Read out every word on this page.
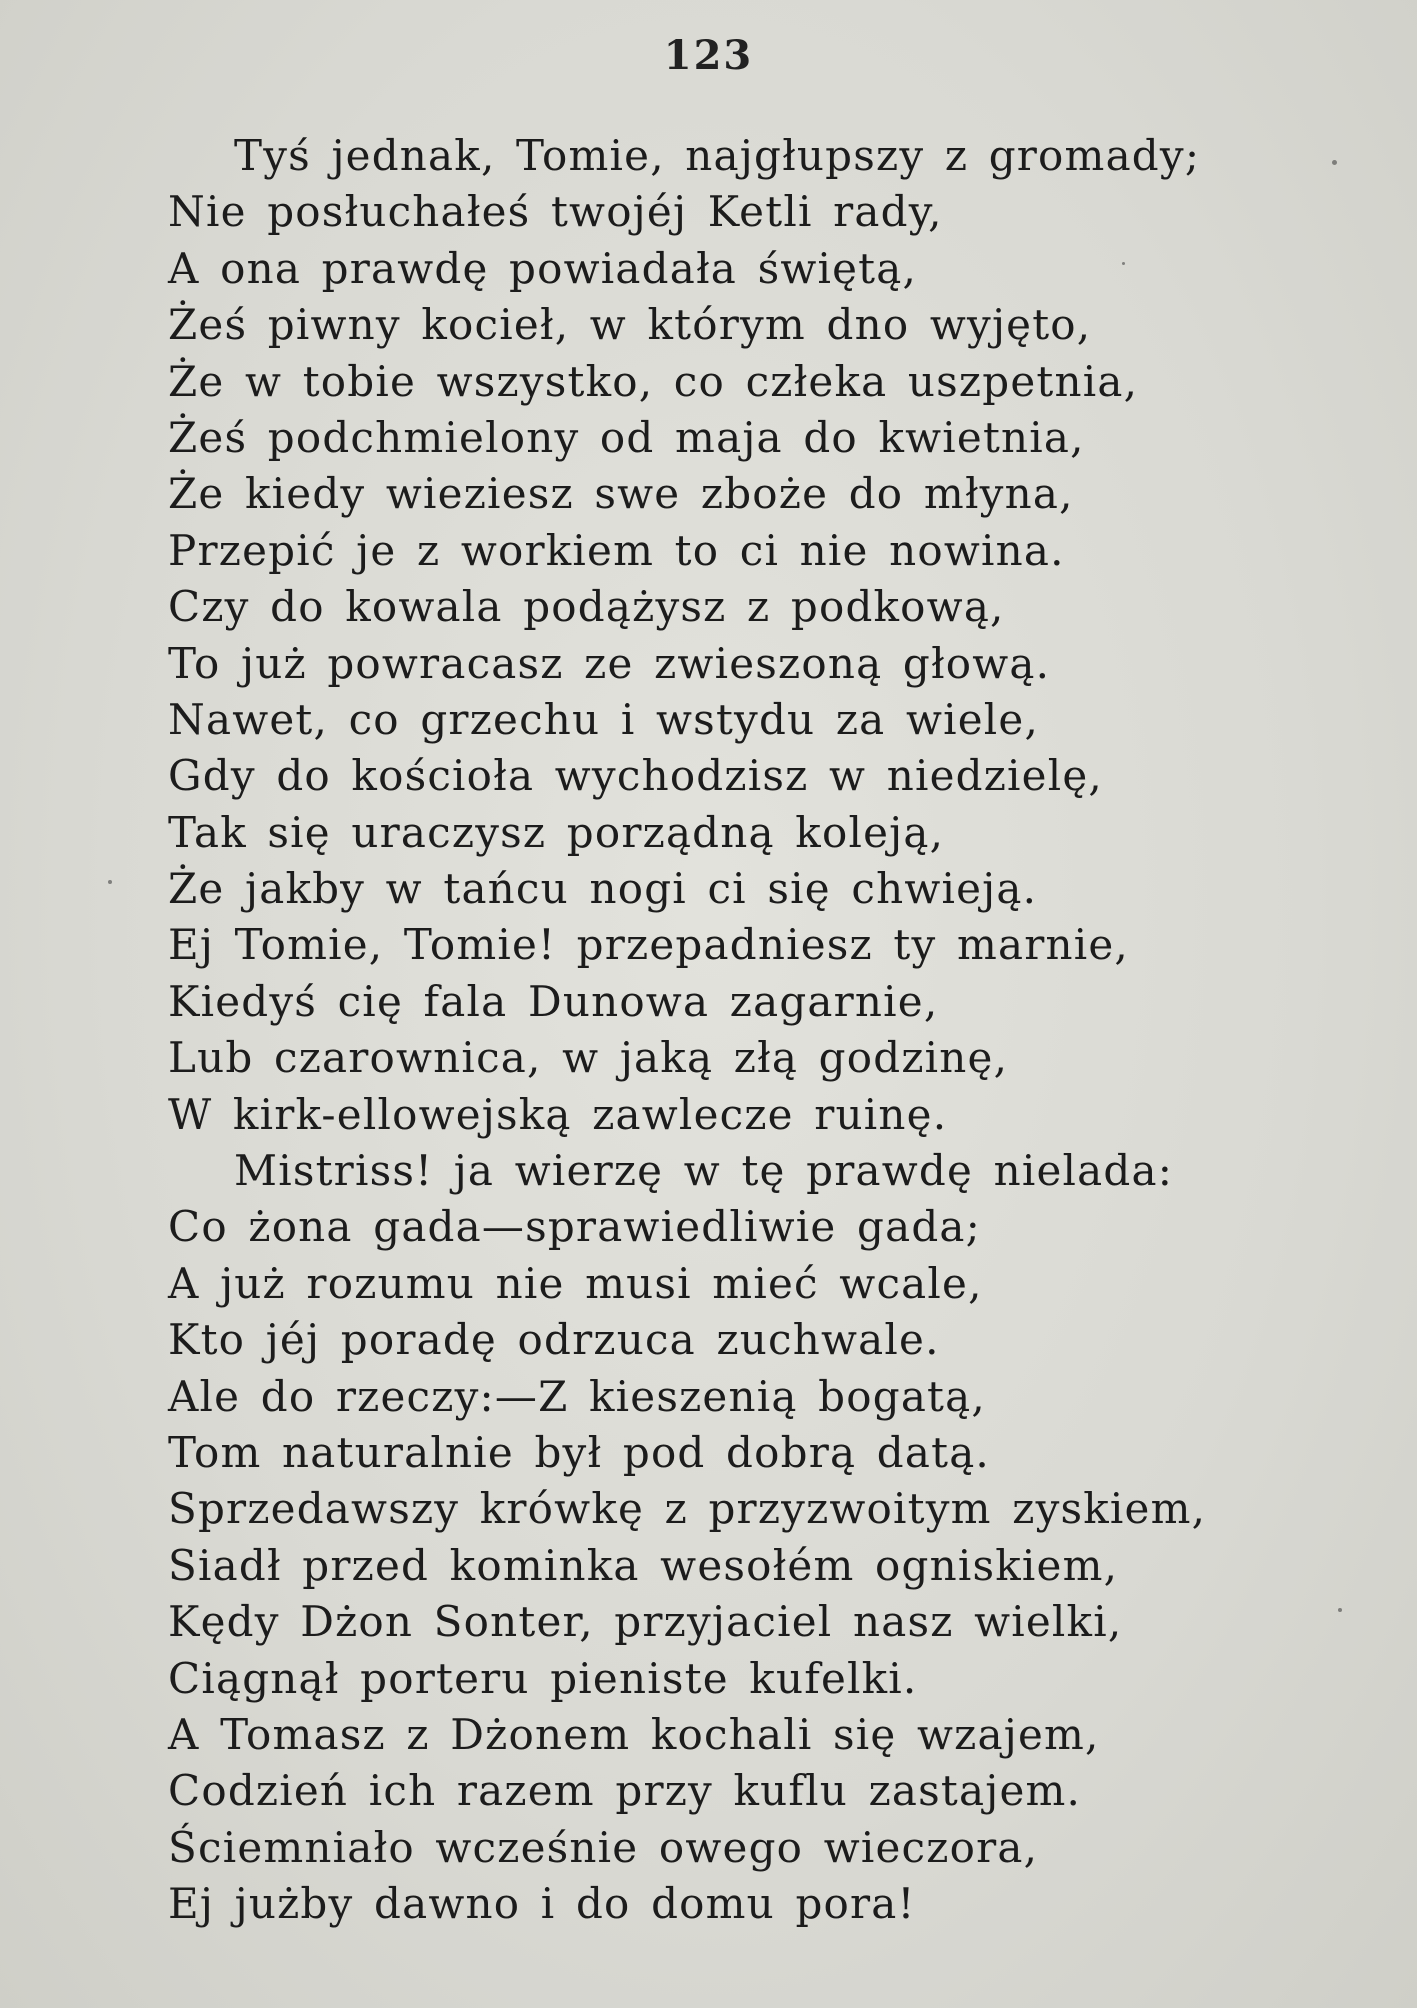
123
Tyś jednak, Tomie, najgłupszy z gromady;
Nie posłuchałeś twojéj Ketli rady,
A ona prawdę powiadała świętą,
Żeś piwny kocieł, w którym dno wyjęto,
Że w tobie wszystko, co człeka uszpetnia,
Żeś podchmielony od maja do kwietnia,
Że kiedy wieziesz swe zboże do młyna,
Przepić je z workiem to ci nie nowina.
Czy do kowala podążysz z podkową,
To już powracasz ze zwieszoną głową.
Nawet, co grzechu i wstydu za wiele,
Gdy do kościoła wychodzisz w niedzielę,
Tak się uraczysz porządną koleją,
Że jakby w tańcu nogi ci się chwieją.
Ej Tomie, Tomie! przepadniesz ty marnie,
Kiedyś cię fala Dunowa zagarnie,
Lub czarownica, w jaką złą godzinę,
W kirk-ellowejską zawlecze ruinę.
Mistriss! ja wierzę w tę prawdę nielada:
Co żona gada—sprawiedliwie gada;
A już rozumu nie musi mieć wcale,
Kto jéj poradę odrzuca zuchwale.
Ale do rzeczy:—Z kieszenią bogatą,
Tom naturalnie był pod dobrą datą.
Sprzedawszy krówkę z przyzwoitym zyskiem,
Siadł przed kominka wesołém ogniskiem,
Kędy Dżon Sonter, przyjaciel nasz wielki,
Ciągnął porteru pieniste kufelki.
A Tomasz z Dżonem kochali się wzajem,
Codzień ich razem przy kuflu zastajem.
Ściemniało wcześnie owego wieczora,
Ej jużby dawno i do domu pora!
